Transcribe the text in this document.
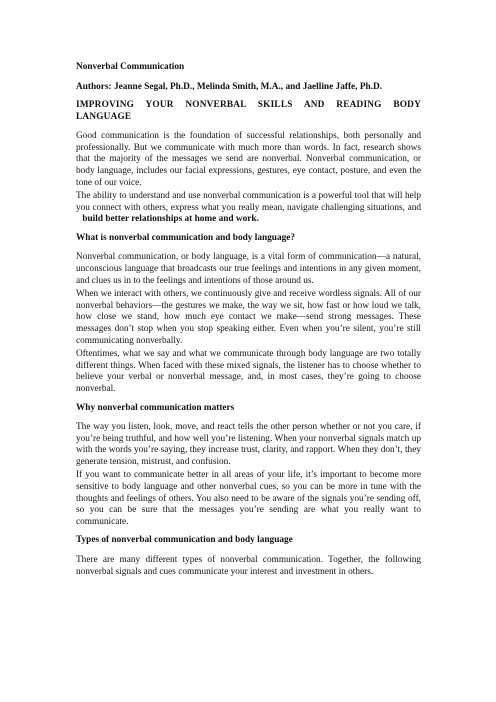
Nonverbal Communication

Authors: Jeanne Segal, Ph.D., Melinda Smith, M.A., and Jaelline Jaffe, Ph.D.

IMPROVING YOUR NONVERBAL SKILLS AND READING BODY LANGUAGE

Good communication is the foundation of successful relationships, both personally and professionally. But we communicate with much more than words. In fact, research shows that the majority of the messages we send are nonverbal. Nonverbal communication, or body language, includes our facial expressions, gestures, eye contact, posture, and even the tone of our voice.

The ability to understand and use nonverbal communication is a powerful tool that will help you connect with others, express what you really mean, navigate challenging situations, and build better relationships at home and work.

What is nonverbal communication and body language?

Nonverbal communication, or body language, is a vital form of communication—a natural, unconscious language that broadcasts our true feelings and intentions in any given moment, and clues us in to the feelings and intentions of those around us.

When we interact with others, we continuously give and receive wordless signals. All of our nonverbal behaviors—the gestures we make, the way we sit, how fast or how loud we talk, how close we stand, how much eye contact we make—send strong messages. These messages don’t stop when you stop speaking either. Even when you’re silent, you’re still communicating nonverbally.

Oftentimes, what we say and what we communicate through body language are two totally different things. When faced with these mixed signals, the listener has to choose whether to believe your verbal or nonverbal message, and, in most cases, they’re going to choose nonverbal.

Why nonverbal communication matters

The way you listen, look, move, and react tells the other person whether or not you care, if you’re being truthful, and how well you’re listening. When your nonverbal signals match up with the words you’re saying, they increase trust, clarity, and rapport. When they don’t, they generate tension, mistrust, and confusion.

If you want to communicate better in all areas of your life, it’s important to become more sensitive to body language and other nonverbal cues, so you can be more in tune with the thoughts and feelings of others. You also need to be aware of the signals you’re sending off, so you can be sure that the messages you’re sending are what you really want to communicate.

Types of nonverbal communication and body language

There are many different types of nonverbal communication. Together, the following nonverbal signals and cues communicate your interest and investment in others.
